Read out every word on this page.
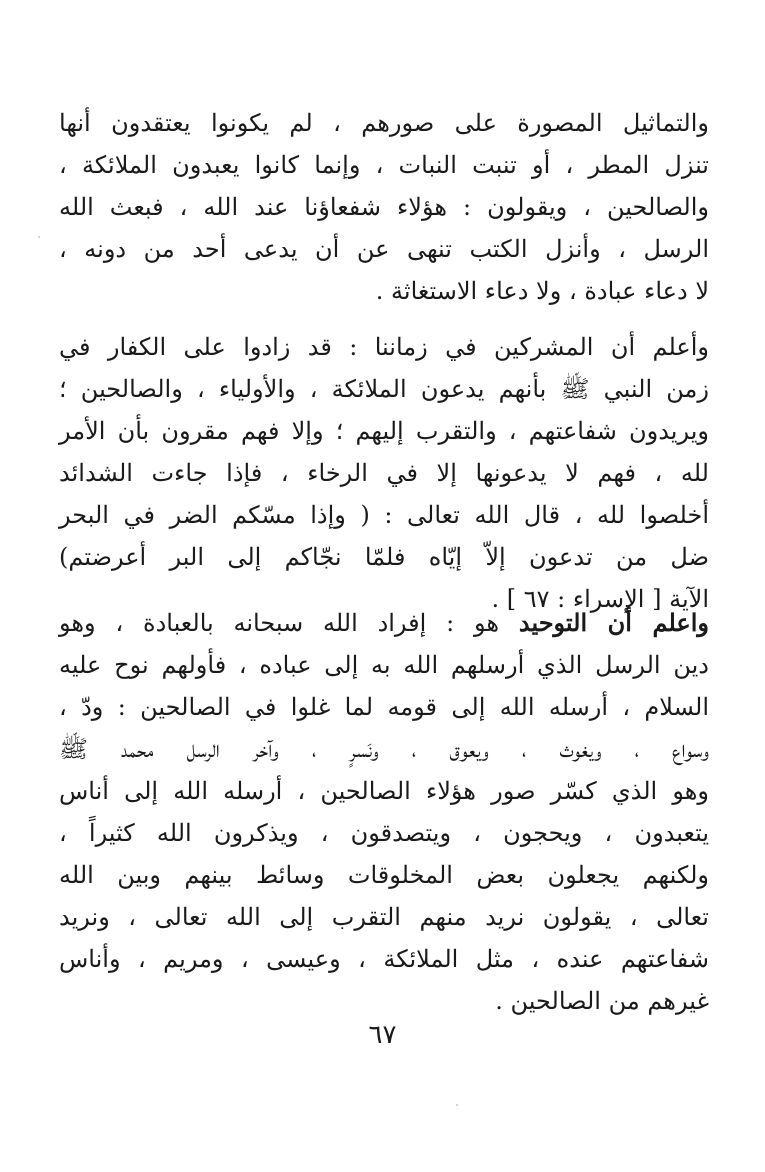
والتماثيل المصورة على صورهم ، لم يكونوا يعتقدون أنها
تنزل المطر ، أو تنبت النبات ، وإنما كانوا يعبدون الملائكة ،
والصالحين ، ويقولون : هؤلاء شفعاؤنا عند الله ، فبعث الله
الرسل ، وأنزل الكتب تنهى عن أن يدعى أحد من دونه ،
لا دعاء عبادة ، ولا دعاء الاستغاثة .
وأعلم أن المشركين في زماننا : قد زادوا على الكفار في
زمن النبي ﷺ بأنهم يدعون الملائكة ، والأولياء ، والصالحين ؛
ويريدون شفاعتهم ، والتقرب إليهم ؛ وإلا فهم مقرون بأن الأمر
لله ، فهم لا يدعونها إلا في الرخاء ، فإذا جاءت الشدائد
أخلصوا لله ، قال الله تعالى : ( وإذا مسّكم الضر في البحر
ضل من تدعون إلاّ إيّاه فلمّا نجّاكم إلى البر أعرضتم)
الآية [ الإسراء : ٦٧ ] .
واعلم أن التوحيد هو : إفراد الله سبحانه بالعبادة ، وهو
دين الرسل الذي أرسلهم الله به إلى عباده ، فأولهم نوح عليه
السلام ، أرسله الله إلى قومه لما غلوا في الصالحين : ودّ ،
وسواع ، ويغوث ، ويعوق ، ونَسرٍ ، وآخر الرسل محمد ﷺ
وهو الذي كسّر صور هؤلاء الصالحين ، أرسله الله إلى أناس
يتعبدون ، ويحجون ، ويتصدقون ، ويذكرون الله كثيراً ،
ولكنهم يجعلون بعض المخلوقات وسائط بينهم وبين الله
تعالى ، يقولون نريد منهم التقرب إلى الله تعالى ، ونريد
شفاعتهم عنده ، مثل الملائكة ، وعيسى ، ومريم ، وأناس
غيرهم من الصالحين .
٦٧
